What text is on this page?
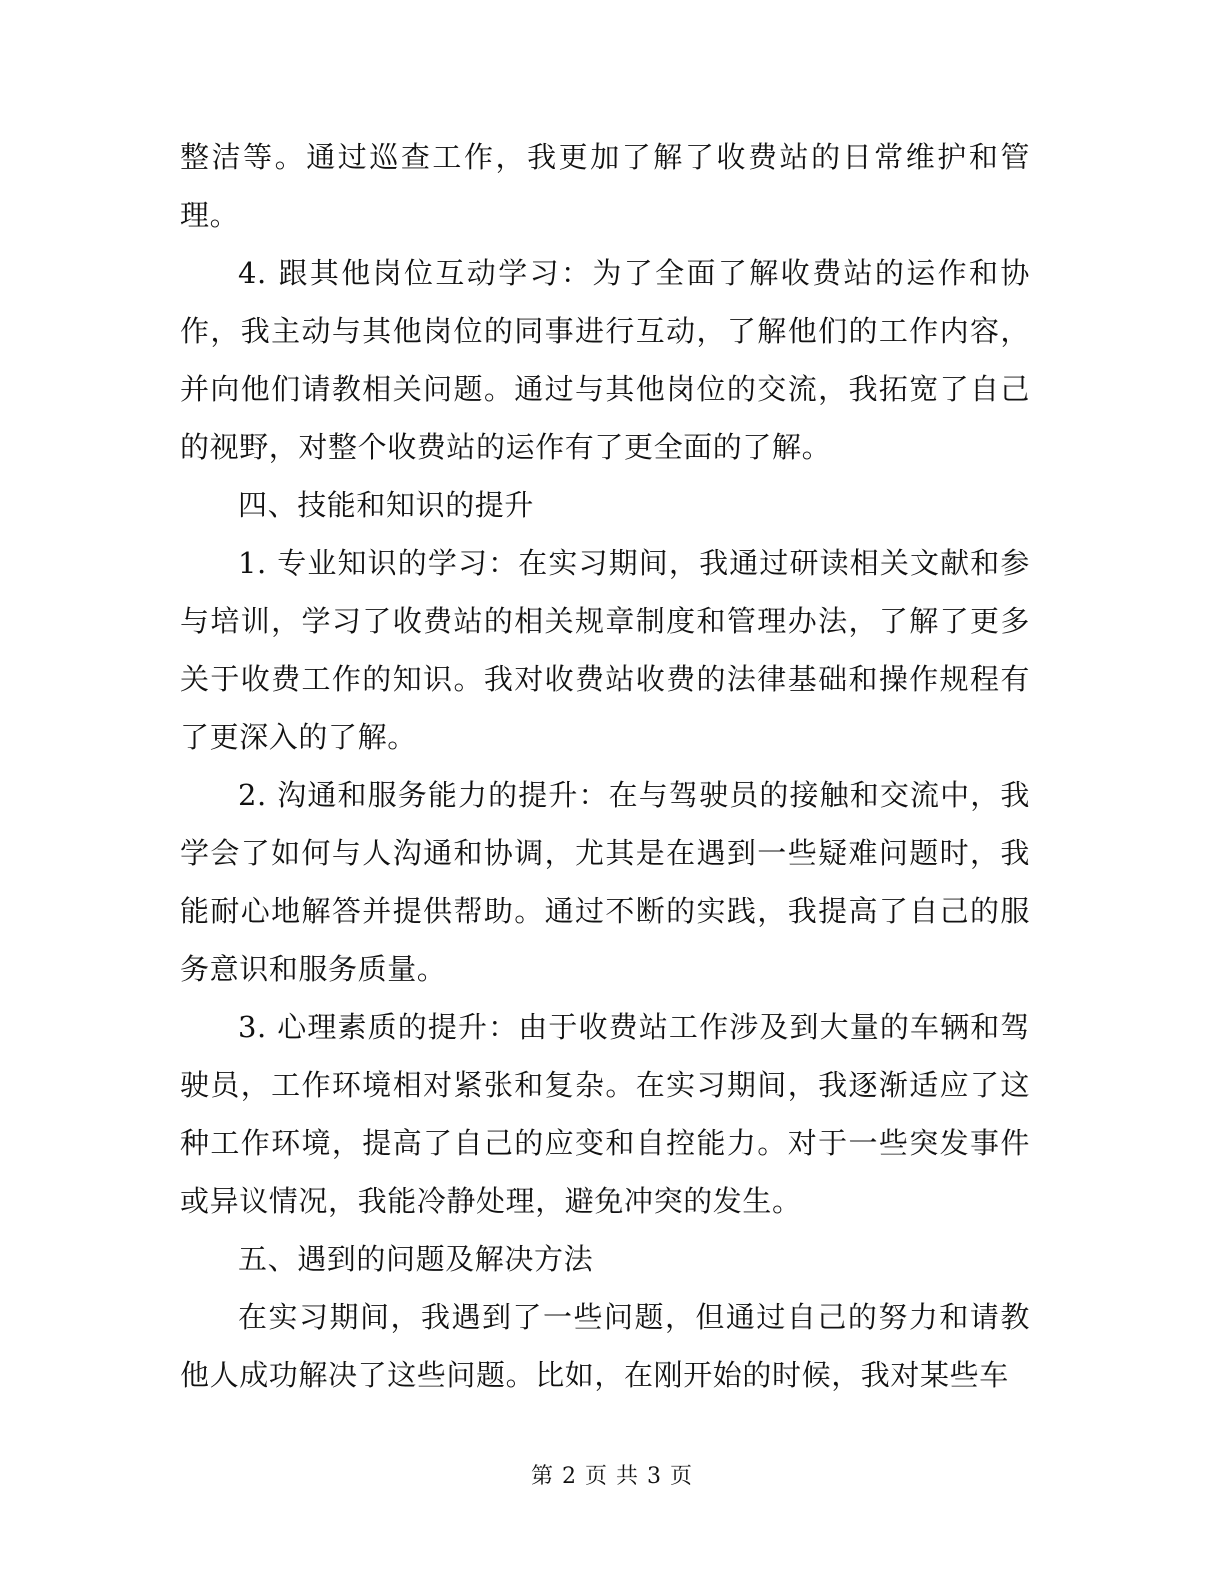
整洁等。通过巡查工作，我更加了解了收费站的日常维护和管理。

4. 跟其他岗位互动学习：为了全面了解收费站的运作和协作，我主动与其他岗位的同事进行互动，了解他们的工作内容，并向他们请教相关问题。通过与其他岗位的交流，我拓宽了自己的视野，对整个收费站的运作有了更全面的了解。

四、技能和知识的提升

1. 专业知识的学习：在实习期间，我通过研读相关文献和参与培训，学习了收费站的相关规章制度和管理办法，了解了更多关于收费工作的知识。我对收费站收费的法律基础和操作规程有了更深入的了解。

2. 沟通和服务能力的提升：在与驾驶员的接触和交流中，我学会了如何与人沟通和协调，尤其是在遇到一些疑难问题时，我能耐心地解答并提供帮助。通过不断的实践，我提高了自己的服务意识和服务质量。

3. 心理素质的提升：由于收费站工作涉及到大量的车辆和驾驶员，工作环境相对紧张和复杂。在实习期间，我逐渐适应了这种工作环境，提高了自己的应变和自控能力。对于一些突发事件或异议情况，我能冷静处理，避免冲突的发生。

五、遇到的问题及解决方法

在实习期间，我遇到了一些问题，但通过自己的努力和请教他人成功解决了这些问题。比如，在刚开始的时候，我对某些车

第 2 页 共 3 页
